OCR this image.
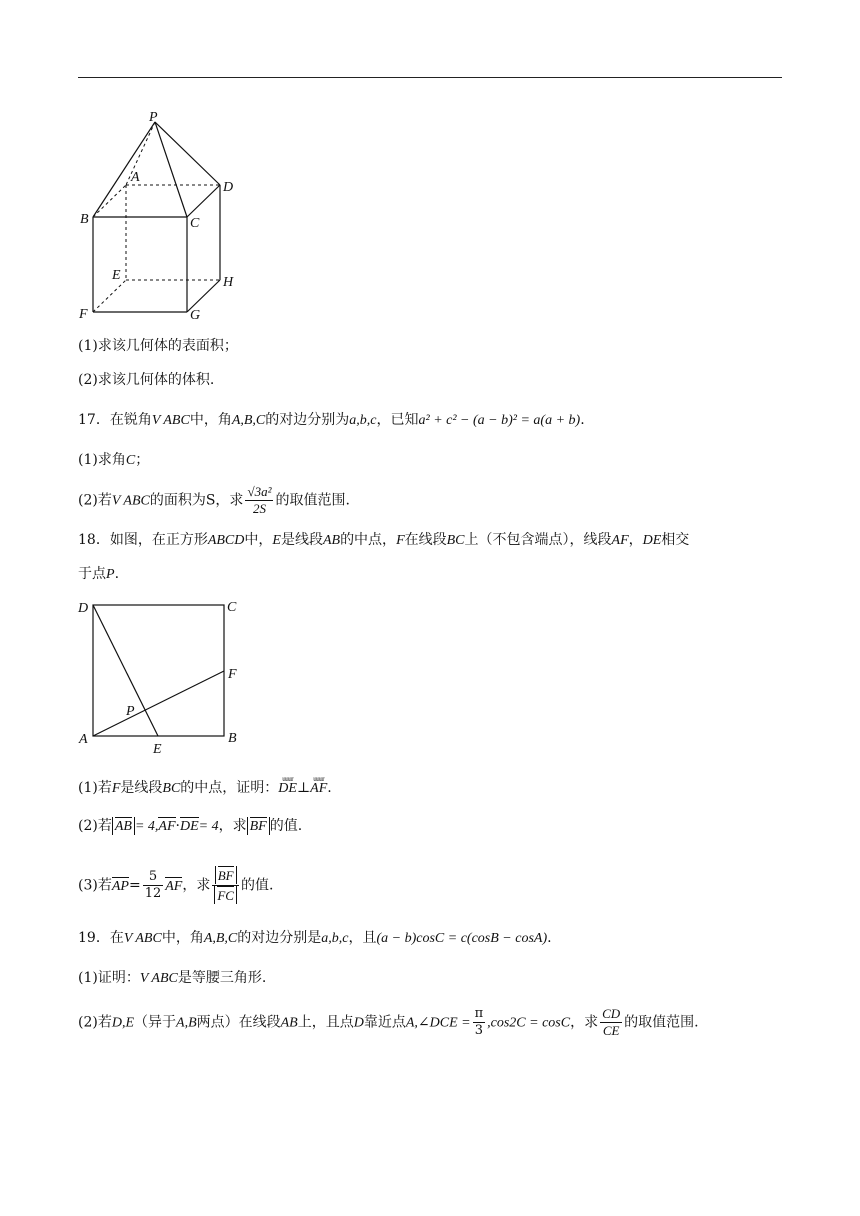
P
A
B	C
D
E
F	G
H
(1)求该几何体的表面积；
(2)求该几何体的体积.
17．在锐角V ABC中，角A,B,C的对边分别为a,b,c，已知a² + c² − (a − b)² = a(a + b).
(1)求角C；
(2)若V ABC的面积为S，求 $\frac{\text{√3a²}}{2S}$ 的取值范围.
18．如图，在正方形ABCD中，E是线段AB的中点，F在线段BC上（不包含端点），线段AF，DE相交
于点P.
D	C
F
P
A
E
B
(1)若F是线段BC的中点，证明：
uuur
DE⊥
uuur
AF.
(2)若 AB = 4,AF·DE= 4，求 BF 的值.
(3)若$AP= \frac{5}{12}$ AF，求 $\frac{BF}{FC}$ 的值.
19．在V ABC中，角A,B,C的对边分别是a,b,c，且(a − b)cosC = c(cosB − cosA).
(1)证明：V ABC是等腰三角形.
(2)若D,E（异于A,B两点）在线段AB上，且点D靠近点A,∠DCE = $\frac{\pi}{3} ,\cos 2C = \cos C$，求 $\frac{CD}{CE}$ 的取值范围.
